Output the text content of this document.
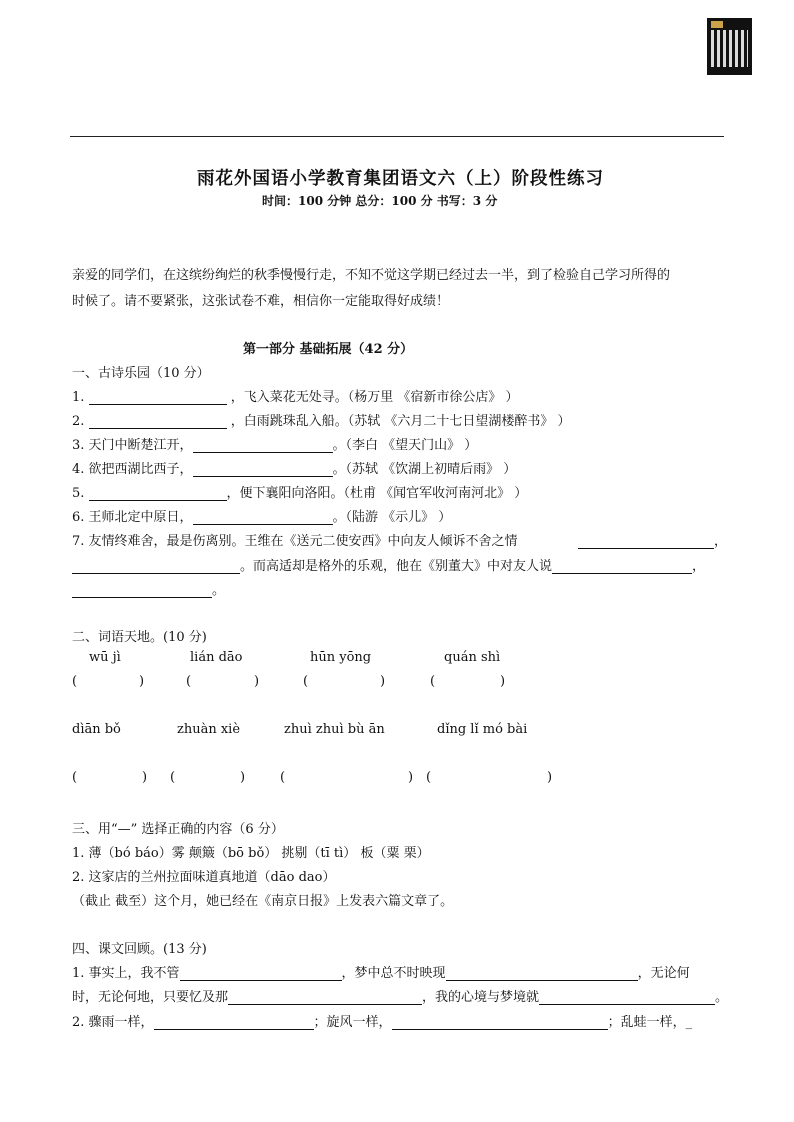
雨花外国语小学教育集团语文六（上）阶段性练习
时间：100 分钟 总分：100 分 书写：3 分
亲爱的同学们，在这缤纷绚烂的秋季慢慢行走，不知不觉这学期已经过去一半，到了检验自己学习所得的
时候了。请不要紧张，这张试卷不难，相信你一定能取得好成绩！
第一部分 基础拓展（42 分）
一、古诗乐园（10 分）
1.	，飞入菜花无处寻。（杨万里 《宿新市徐公店》 ）
2.	，白雨跳珠乱入船。（苏轼 《六月二十七日望湖楼醉书》 ）
3. 天门中断楚江开，	。（李白 《望天门山》 ）
4. 欲把西湖比西子，	。（苏轼 《饮湖上初晴后雨》 ）
5.	，便下襄阳向洛阳。（杜甫 《闻官军收河南河北》 ）
6. 王师北定中原日，	。（陆游 《示儿》 ）
7. 友情终难舍，最是伤离别。王维在《送元二使安西》中向友人倾诉不舍之情	，
。而高适却是格外的乐观，他在《别董大》中对友人说	，
。
二、词语天地。(10 分)
wū jì	lián dāo	hūn yōng	quán shì
(	)	(	)	(	)	(	)
dìān bǒ	zhuàn xiè	zhuì zhuì bù ān	dǐng lǐ mó bài
(	) (	)	(	) (	)
三、用“—” 选择正确的内容（6 分）
1. 薄（bó báo）雾 颠簸（bō bǒ） 挑剔（tī tì） 板（粟 栗）
2. 这家店的兰州拉面味道真地道（dāo dao）
（截止 截至）这个月，她已经在《南京日报》上发表六篇文章了。
四、课文回顾。(13 分)
1. 事实上，我不管	，梦中总不时映现	，无论何
时，无论何地，只要忆及那	，我的心境与梦境就	。
2. 骤雨一样，	；旋风一样，	；乱蛙一样，_
